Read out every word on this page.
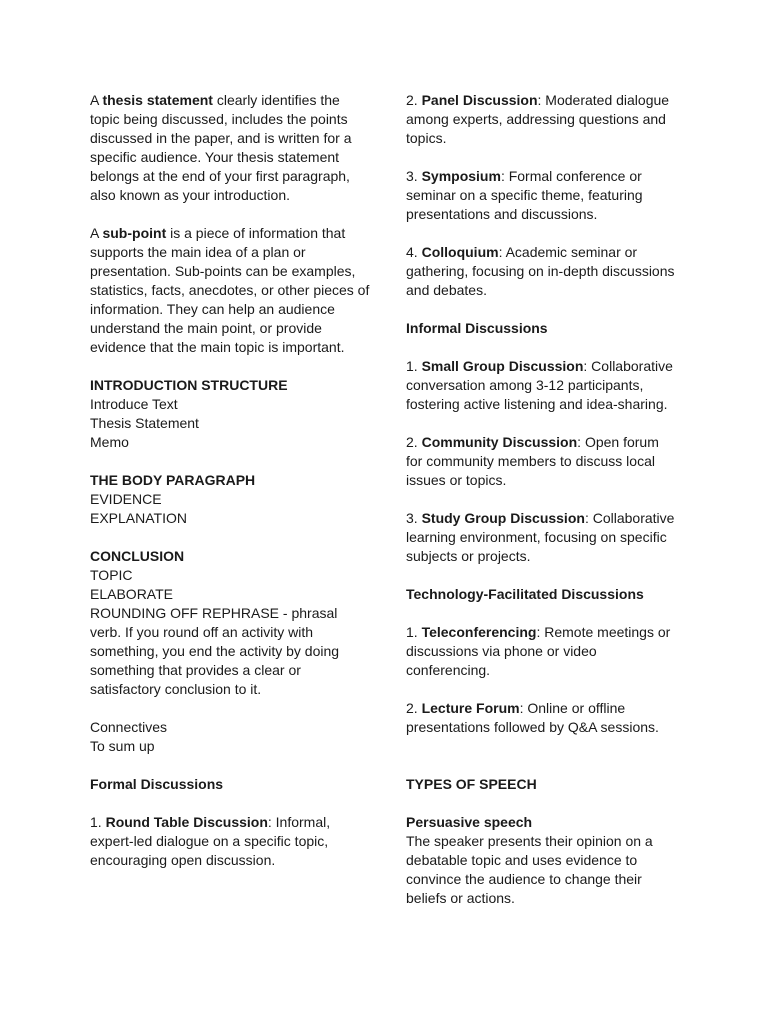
A thesis statement clearly identifies the topic being discussed, includes the points discussed in the paper, and is written for a specific audience. Your thesis statement belongs at the end of your first paragraph, also known as your introduction.

A sub-point is a piece of information that supports the main idea of a plan or presentation. Sub-points can be examples, statistics, facts, anecdotes, or other pieces of information. They can help an audience understand the main point, or provide evidence that the main topic is important.

INTRODUCTION STRUCTURE
Introduce Text
Thesis Statement
Memo
THE BODY PARAGRAPH
EVIDENCE
EXPLANATION
CONCLUSION
TOPIC
ELABORATE
ROUNDING OFF REPHRASE - phrasal verb. If you round off an activity with something, you end the activity by doing something that provides a clear or satisfactory conclusion to it.
Connectives
To sum up
Formal Discussions

1. Round Table Discussion: Informal, expert-led dialogue on a specific topic, encouraging open discussion.

2. Panel Discussion: Moderated dialogue among experts, addressing questions and topics.

3. Symposium: Formal conference or seminar on a specific theme, featuring presentations and discussions.

4. Colloquium: Academic seminar or gathering, focusing on in-depth discussions and debates.

Informal Discussions

1. Small Group Discussion: Collaborative conversation among 3-12 participants, fostering active listening and idea-sharing.

2. Community Discussion: Open forum for community members to discuss local issues or topics.

3. Study Group Discussion: Collaborative learning environment, focusing on specific subjects or projects.

Technology-Facilitated Discussions

1. Teleconferencing: Remote meetings or discussions via phone or video conferencing.

2. Lecture Forum: Online or offline presentations followed by Q&A sessions.

TYPES OF SPEECH
Persuasive speech
The speaker presents their opinion on a debatable topic and uses evidence to convince the audience to change their beliefs or actions.
